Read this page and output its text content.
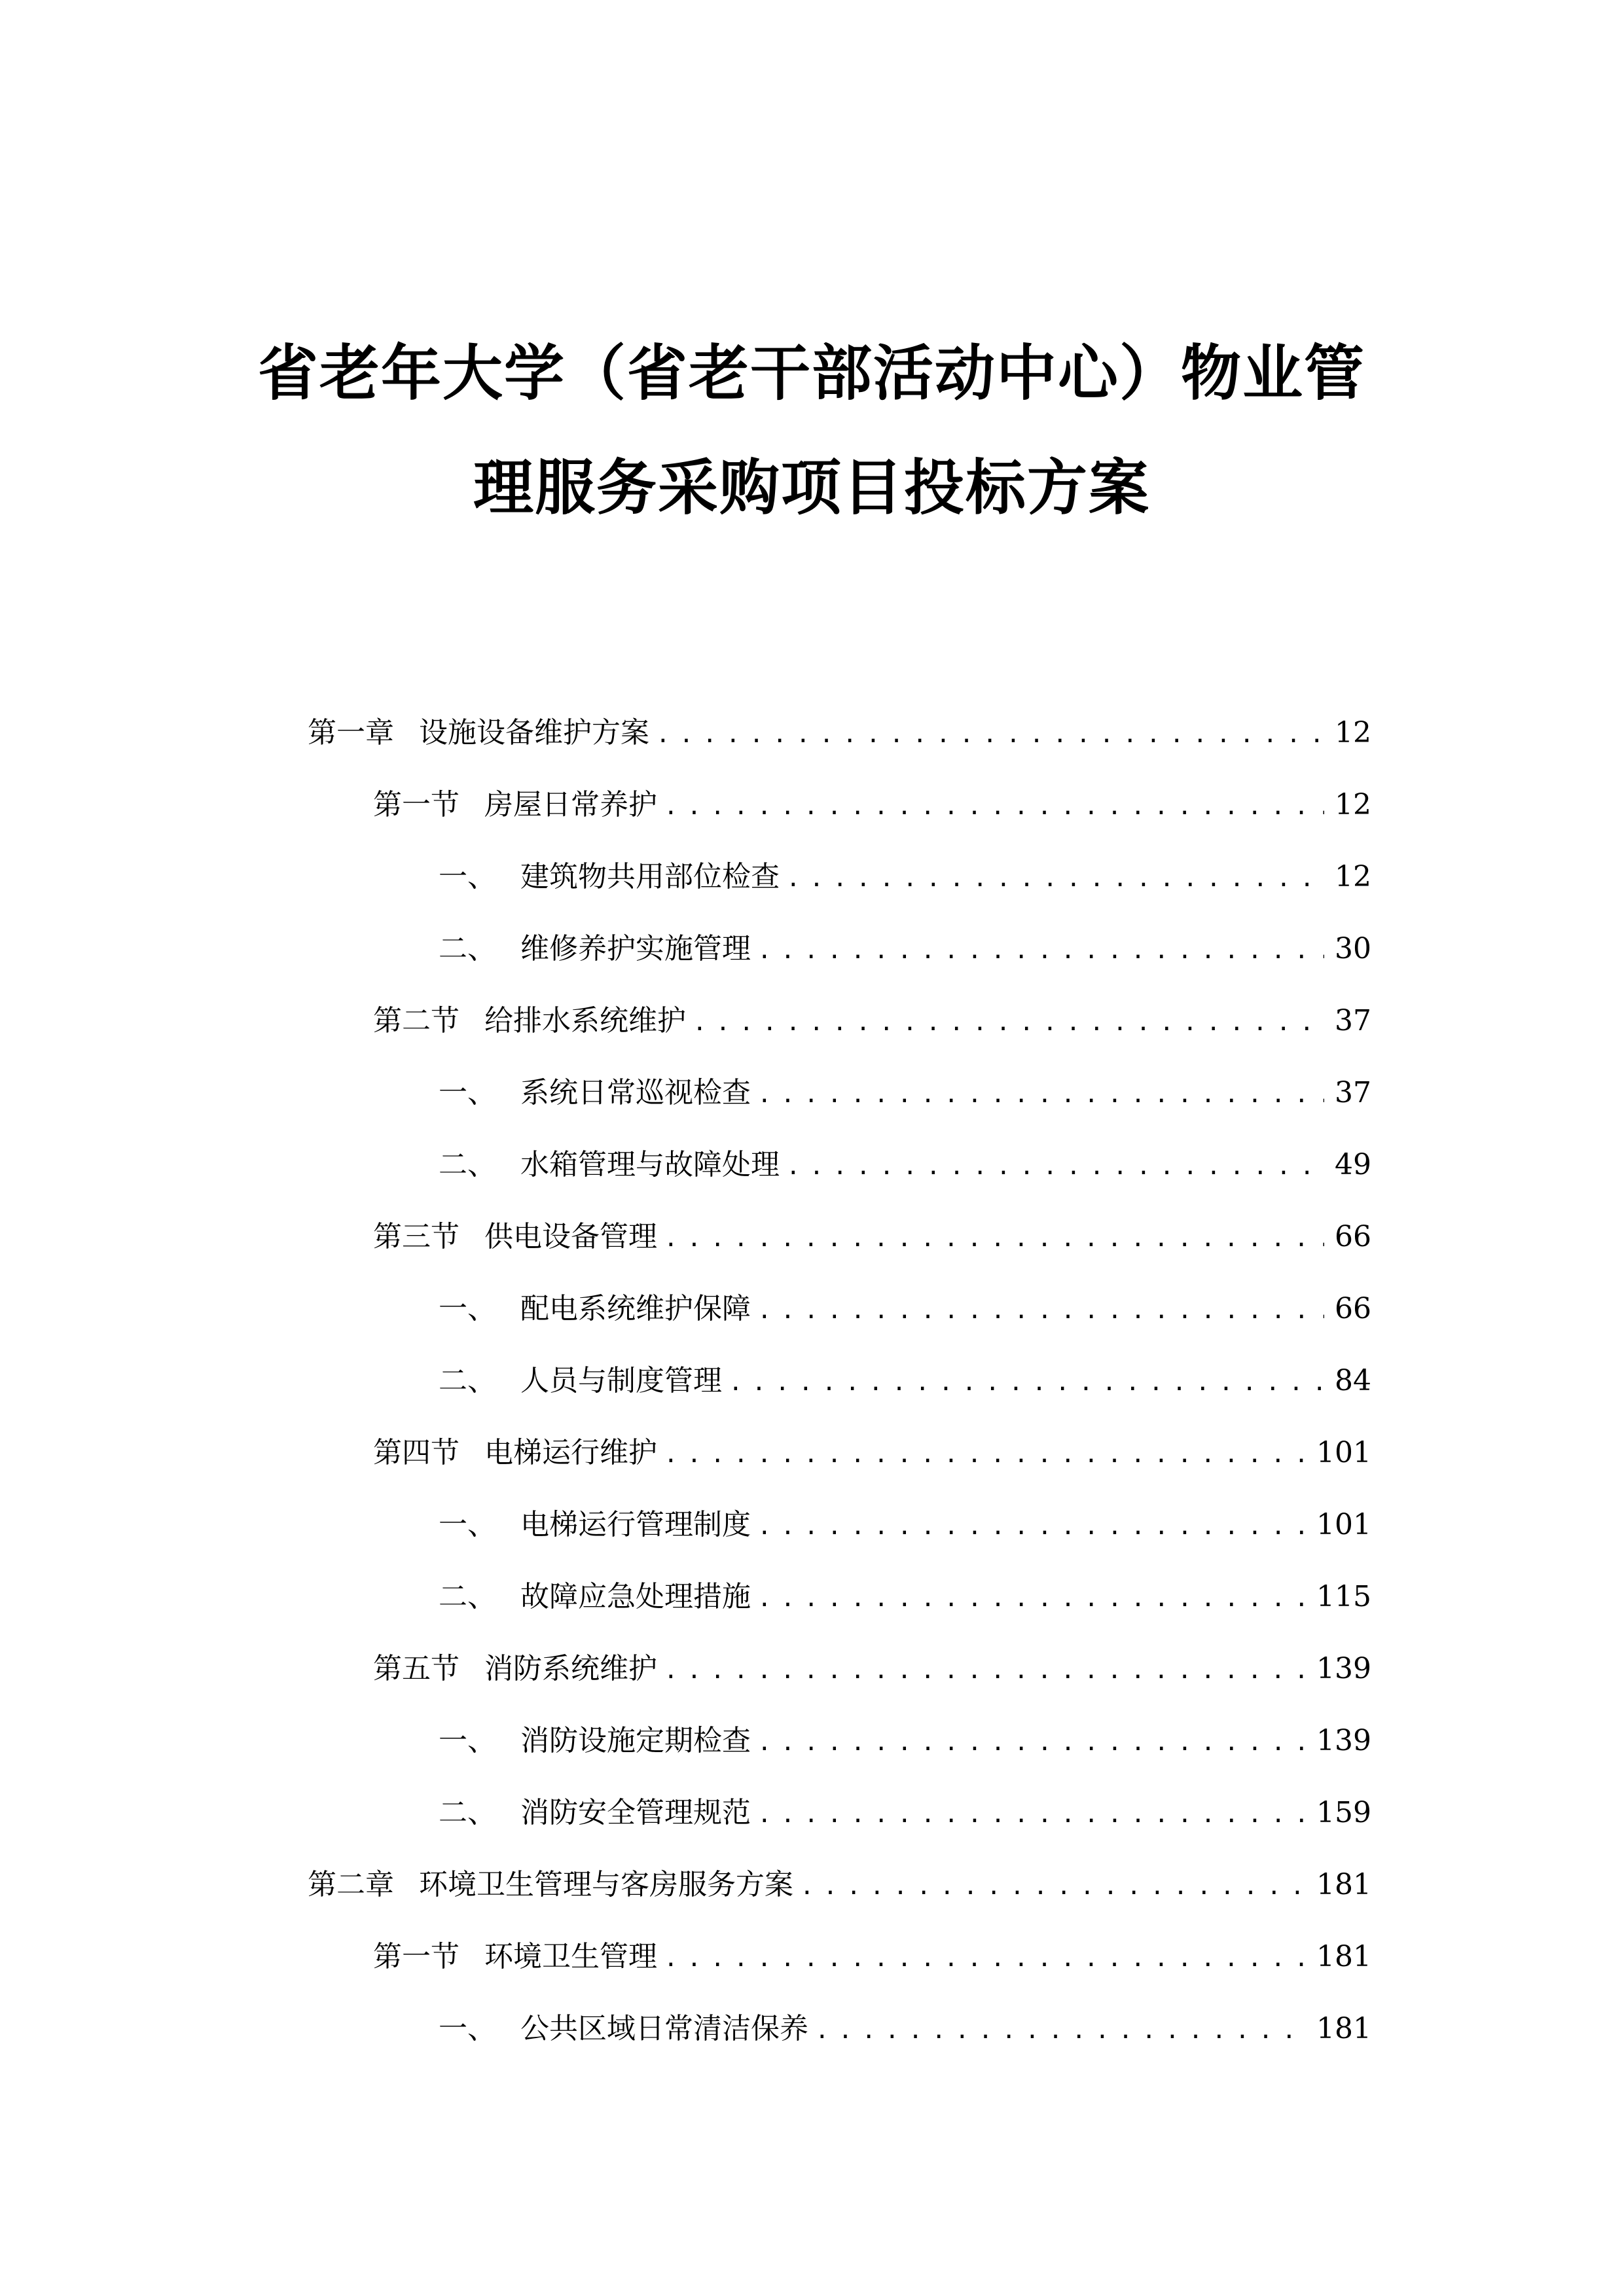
省老年大学（省老干部活动中心）物业管
理服务采购项目投标方案
第一章 设施设备维护方案 .....	12
第一节 房屋日常养护 .....	12
一、 建筑物共用部位检查 .....	12
二、 维修养护实施管理 .....	30
第二节 给排水系统维护 .....	37
一、 系统日常巡视检查 .....	37
二、 水箱管理与故障处理 .....	49
第三节 供电设备管理 .....	66
一、 配电系统维护保障 .....	66
二、 人员与制度管理 .....	84
第四节 电梯运行维护 .....	101
一、 电梯运行管理制度 .....	101
二、 故障应急处理措施 .....	115
第五节 消防系统维护 .....	139
一、 消防设施定期检查 .....	139
二、 消防安全管理规范 .....	159
第二章 环境卫生管理与客房服务方案 .....	181
第一节 环境卫生管理 .....	181
一、 公共区域日常清洁保养 .....	181
